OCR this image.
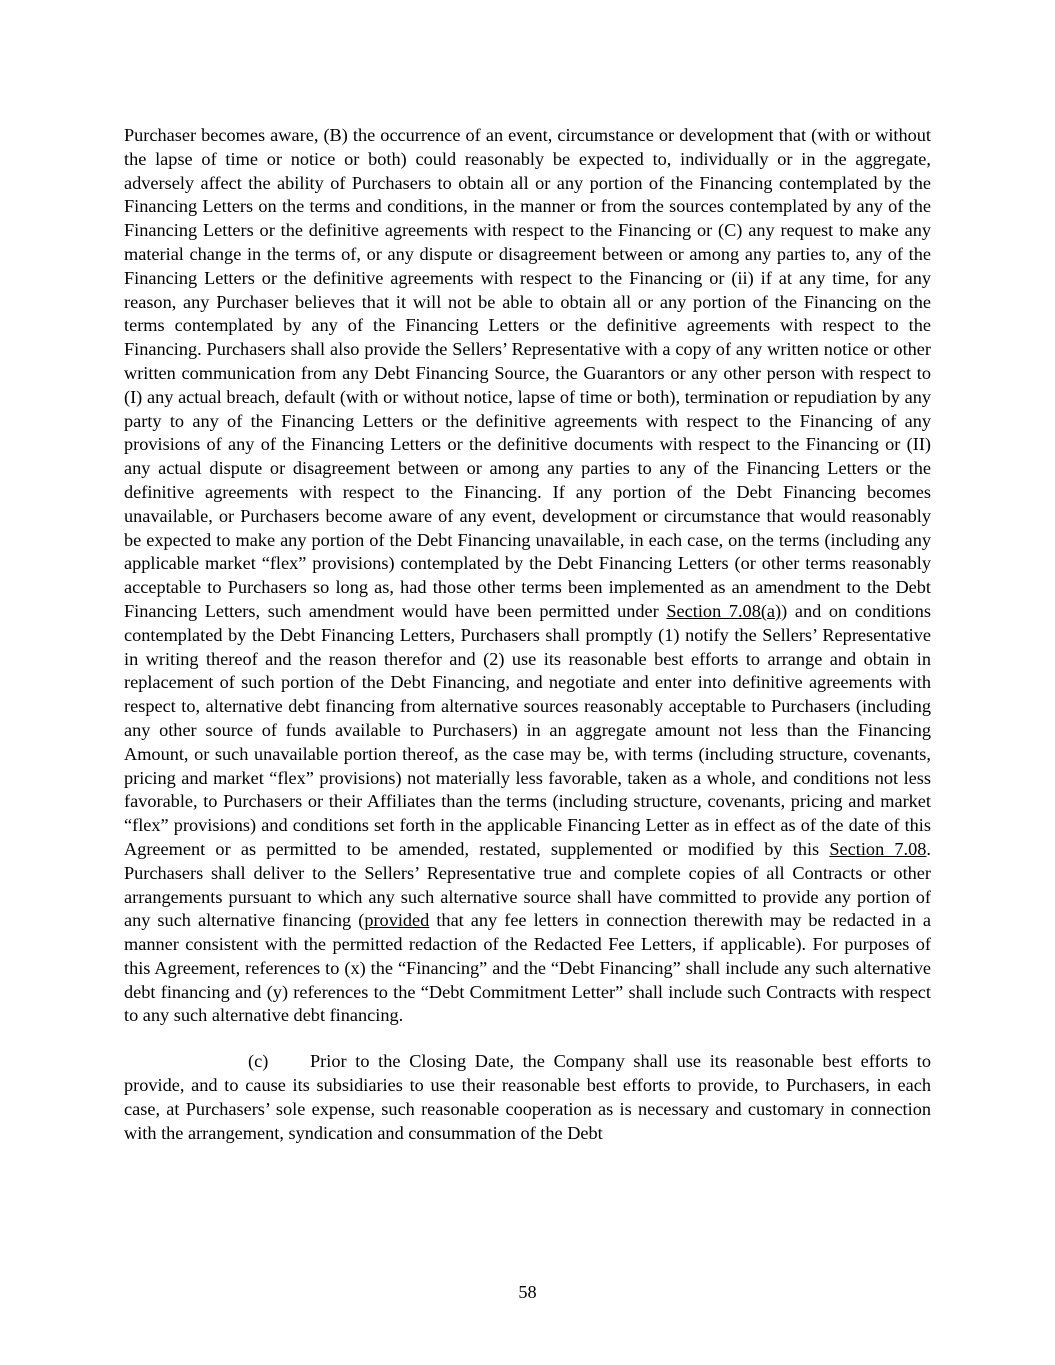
Purchaser becomes aware, (B) the occurrence of an event, circumstance or development that (with or without the lapse of time or notice or both) could reasonably be expected to, individually or in the aggregate, adversely affect the ability of Purchasers to obtain all or any portion of the Financing contemplated by the Financing Letters on the terms and conditions, in the manner or from the sources contemplated by any of the Financing Letters or the definitive agreements with respect to the Financing or (C) any request to make any material change in the terms of, or any dispute or disagreement between or among any parties to, any of the Financing Letters or the definitive agreements with respect to the Financing or (ii) if at any time, for any reason, any Purchaser believes that it will not be able to obtain all or any portion of the Financing on the terms contemplated by any of the Financing Letters or the definitive agreements with respect to the Financing. Purchasers shall also provide the Sellers’ Representative with a copy of any written notice or other written communication from any Debt Financing Source, the Guarantors or any other person with respect to (I) any actual breach, default (with or without notice, lapse of time or both), termination or repudiation by any party to any of the Financing Letters or the definitive agreements with respect to the Financing of any provisions of any of the Financing Letters or the definitive documents with respect to the Financing or (II) any actual dispute or disagreement between or among any parties to any of the Financing Letters or the definitive agreements with respect to the Financing. If any portion of the Debt Financing becomes unavailable, or Purchasers become aware of any event, development or circumstance that would reasonably be expected to make any portion of the Debt Financing unavailable, in each case, on the terms (including any applicable market “flex” provisions) contemplated by the Debt Financing Letters (or other terms reasonably acceptable to Purchasers so long as, had those other terms been implemented as an amendment to the Debt Financing Letters, such amendment would have been permitted under Section 7.08(a)) and on conditions contemplated by the Debt Financing Letters, Purchasers shall promptly (1) notify the Sellers’ Representative in writing thereof and the reason therefor and (2) use its reasonable best efforts to arrange and obtain in replacement of such portion of the Debt Financing, and negotiate and enter into definitive agreements with respect to, alternative debt financing from alternative sources reasonably acceptable to Purchasers (including any other source of funds available to Purchasers) in an aggregate amount not less than the Financing Amount, or such unavailable portion thereof, as the case may be, with terms (including structure, covenants, pricing and market “flex” provisions) not materially less favorable, taken as a whole, and conditions not less favorable, to Purchasers or their Affiliates than the terms (including structure, covenants, pricing and market “flex” provisions) and conditions set forth in the applicable Financing Letter as in effect as of the date of this Agreement or as permitted to be amended, restated, supplemented or modified by this Section 7.08. Purchasers shall deliver to the Sellers’ Representative true and complete copies of all Contracts or other arrangements pursuant to which any such alternative source shall have committed to provide any portion of any such alternative financing (provided that any fee letters in connection therewith may be redacted in a manner consistent with the permitted redaction of the Redacted Fee Letters, if applicable). For purposes of this Agreement, references to (x) the “Financing” and the “Debt Financing” shall include any such alternative debt financing and (y) references to the “Debt Commitment Letter” shall include such Contracts with respect to any such alternative debt financing.

(c) Prior to the Closing Date, the Company shall use its reasonable best efforts to provide, and to cause its subsidiaries to use their reasonable best efforts to provide, to Purchasers, in each case, at Purchasers’ sole expense, such reasonable cooperation as is necessary and customary in connection with the arrangement, syndication and consummation of the Debt

58
